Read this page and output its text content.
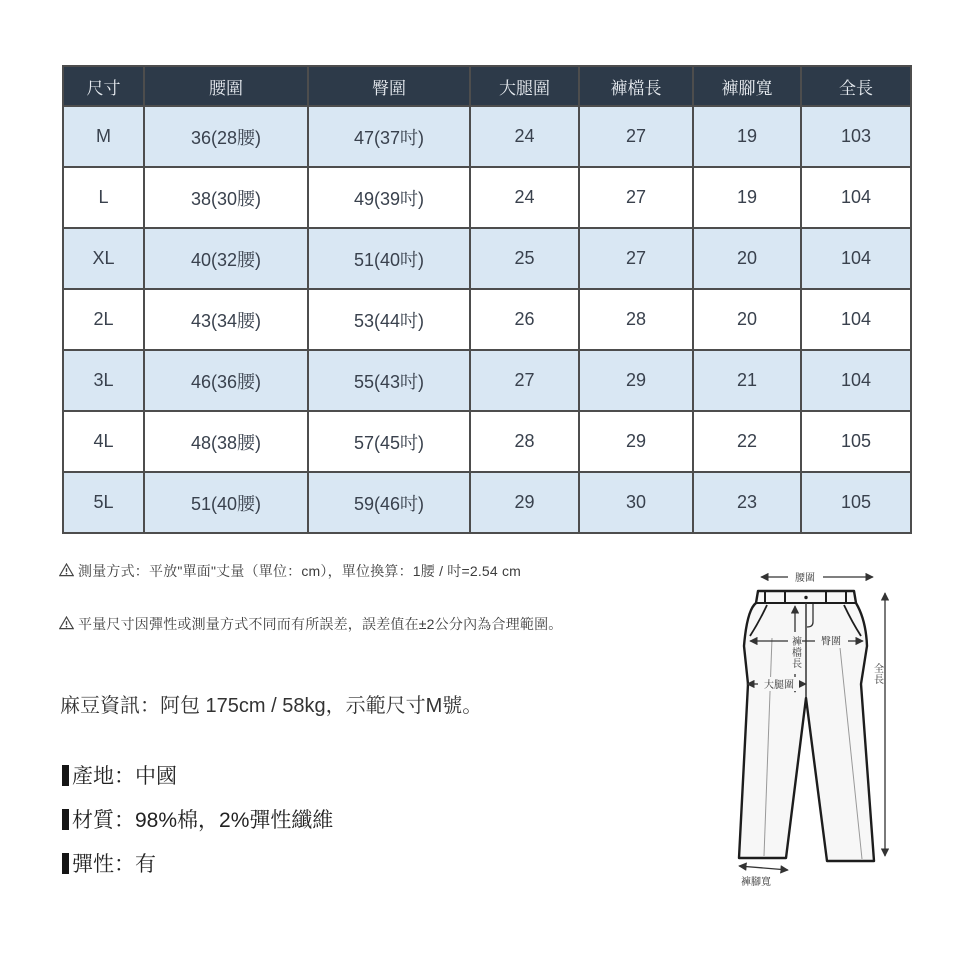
尺寸	腰圍	臀圍	大腿圍	褲檔長	褲腳寬	全長
M	36(28腰)	47(37吋)	24	27	19	103
L	38(30腰)	49(39吋)	24	27	19	104
XL	40(32腰)	51(40吋)	25	27	20	104
2L	43(34腰)	53(44吋)	26	28	20	104
3L	46(36腰)	55(43吋)	27	29	21	104
4L	48(38腰)	57(45吋)	28	29	22	105
5L	51(40腰)	59(46吋)	29	30	23	105
測量方式：平放"單面"丈量（單位：cm），單位換算：1腰 / 吋=2.54 cm
平量尺寸因彈性或測量方式不同而有所誤差，誤差值在±2公分內為合理範圍。
麻豆資訊：阿包 175cm / 58kg，示範尺寸M號。
產地：中國
材質：98%棉，2%彈性纖維
彈性：有
腰圍
臀圍
褲檔長
大腿圍
全長
褲腳寬
